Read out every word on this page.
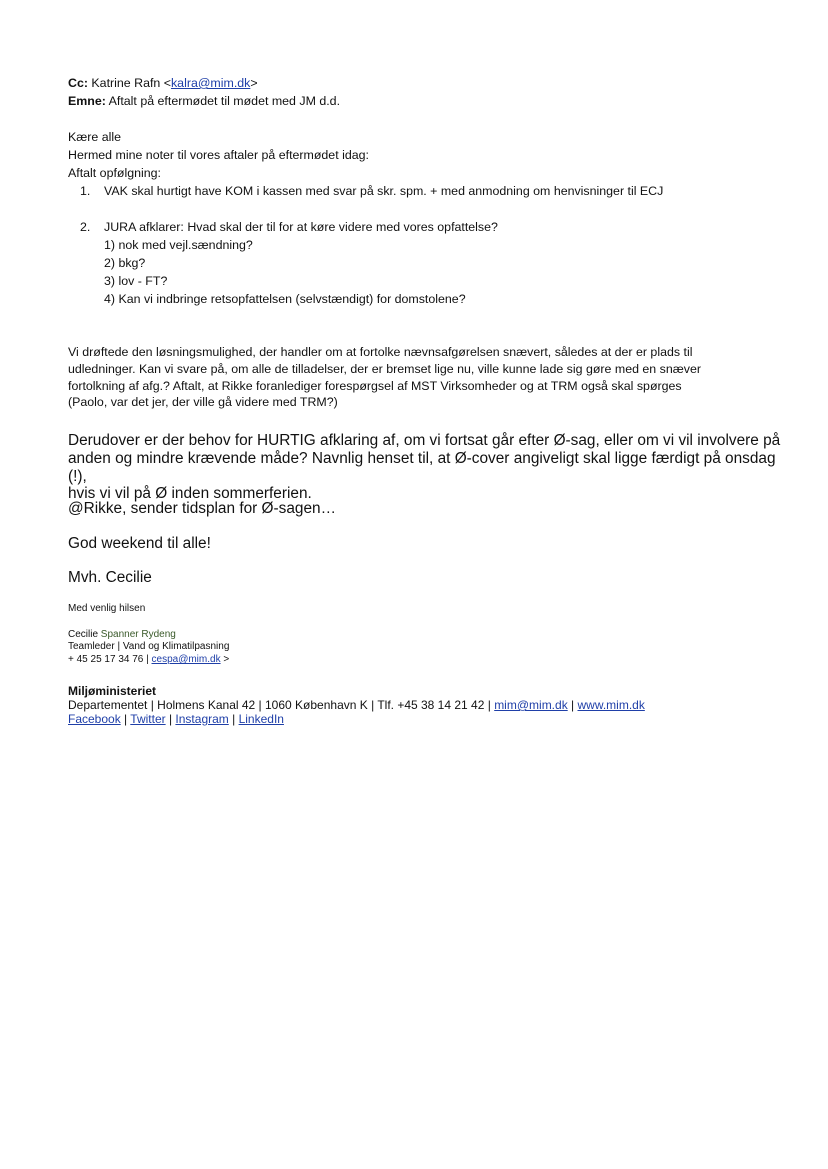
Cc: Katrine Rafn <kalra@mim.dk>
Emne: Aftalt på eftermødet til mødet med JM d.d.
Kære alle
Hermed mine noter til vores aftaler på eftermødet idag:
Aftalt opfølgning:
1. VAK skal hurtigt have KOM i kassen med svar på skr. spm. + med anmodning om henvisninger til ECJ
2. JURA afklarer: Hvad skal der til for at køre videre med vores opfattelse?
1) nok med vejl.sændning?
2) bkg?
3) lov - FT?
4) Kan vi indbringe retsopfattelsen (selvstændigt) for domstolene?
Vi drøftede den løsningsmulighed, der handler om at fortolke nævnsafgørelsen snævert, således at der er plads til
udledninger. Kan vi svare på, om alle de tilladelser, der er bremset lige nu, ville kunne lade sig gøre med en snæver
fortolkning af afg.? Aftalt, at Rikke foranlediger forespørgsel af MST Virksomheder og at TRM også skal spørges
(Paolo, var det jer, der ville gå videre med TRM?)
Derudover er der behov for HURTIG afklaring af, om vi fortsat går efter Ø-sag, eller om vi vil involvere på
anden og mindre krævende måde? Navnlig henset til, at Ø-cover angiveligt skal ligge færdigt på onsdag (!),
hvis vi vil på Ø inden sommerferien.
@Rikke, sender tidsplan for Ø-sagen…
God weekend til alle!
Mvh. Cecilie
Med venlig hilsen
Cecilie Spanner Rydeng
Teamleder | Vand og Klimatilpasning
+ 45 25 17 34 76 | cespa@mim.dk >
Miljøministeriet
Departementet | Holmens Kanal 42 | 1060 København K | Tlf. +45 38 14 21 42 | mim@mim.dk | www.mim.dk
Facebook | Twitter | Instagram | LinkedIn
